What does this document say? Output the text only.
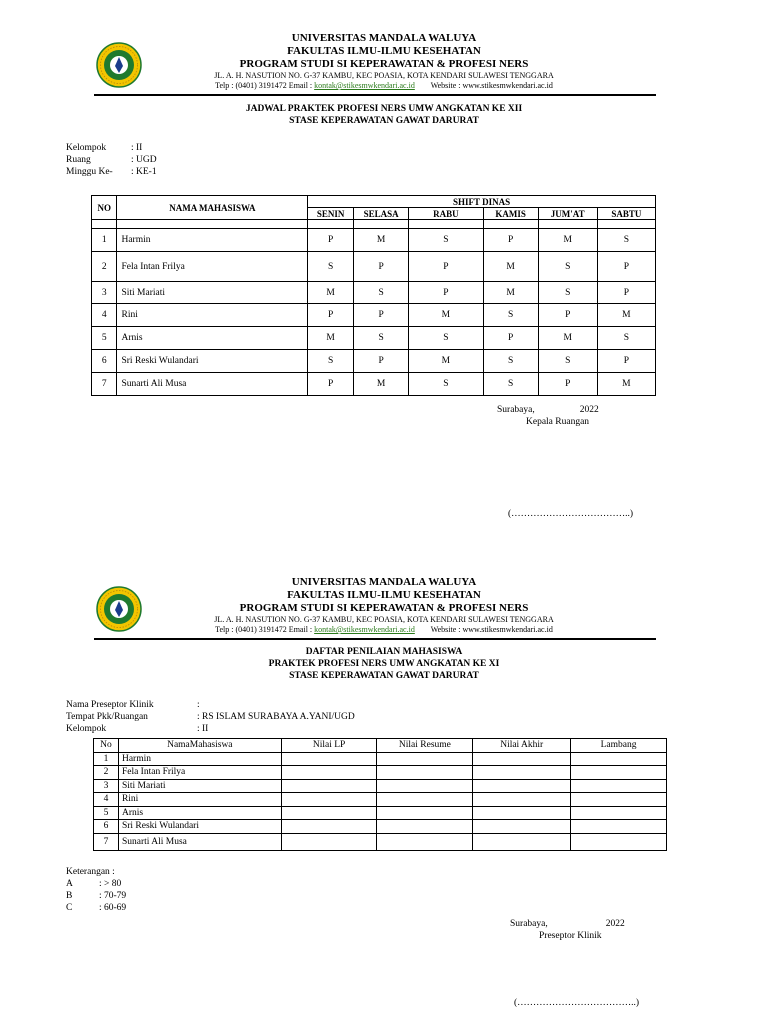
UNIVERSITAS MANDALA WALUYA
FAKULTAS ILMU-ILMU KESEHATAN
PROGRAM STUDI SI KEPERAWATAN & PROFESI NERS
JL. A. H. NASUTION NO. G-37 KAMBU, KEC POASIA, KOTA KENDARI SULAWESI TENGGARA
Telp : (0401) 3191472 Email : kontak@stikesmwkendari.ac.id Website : www.stikesmwkendari.ac.id
JADWAL PRAKTEK PROFESI NERS UMW ANGKATAN KE XII
STASE KEPERAWATAN GAWAT DARURAT
Kelompok	: II
Ruang	: UGD
Minggu Ke-	: KE-1
NO	NAMA MAHASISWA	SHIFT DINAS					
		SENIN	SELASA	RABU	KAMIS	JUM'AT	SABTU

1	Harmin	P	M	S	P	M	S
2	Fela Intan Frilya	S	P	P	M	S	P
3	Siti Mariati	M	S	P	M	S	P
4	Rini	P	P	M	S	P	M
5	Arnis	M	S	S	P	M	S
6	Sri Reski Wulandari	S	P	M	S	S	P
7	Sunarti Ali Musa	P	M	S	S	P	M
Surabaya,	2022
Kepala Ruangan
(………………………………..)
UNIVERSITAS MANDALA WALUYA
FAKULTAS ILMU-ILMU KESEHATAN
PROGRAM STUDI SI KEPERAWATAN & PROFESI NERS
JL. A. H. NASUTION NO. G-37 KAMBU, KEC POASIA, KOTA KENDARI SULAWESI TENGGARA
Telp : (0401) 3191472 Email : kontak@stikesmwkendari.ac.id Website : www.stikesmwkendari.ac.id
DAFTAR PENILAIAN MAHASISWA
PRAKTEK PROFESI NERS UMW ANGKATAN KE XI
STASE KEPERAWATAN GAWAT DARURAT
Nama Preseptor Klinik	:
Tempat Pkk/Ruangan	: RS ISLAM SURABAYA A.YANI/UGD
Kelompok	: II
No	NamaMahasiswa	Nilai LP	Nilai Resume	Nilai Akhir	Lambang
1	Harmin				
2	Fela Intan Frilya				
3	Siti Mariati				
4	Rini				
5	Arnis				
6	Sri Reski Wulandari				
7	Sunarti Ali Musa				
Keterangan :
A	: > 80
B	: 70-79
C	: 60-69
Surabaya,	2022
Preseptor Klinik
(………………………………..)
